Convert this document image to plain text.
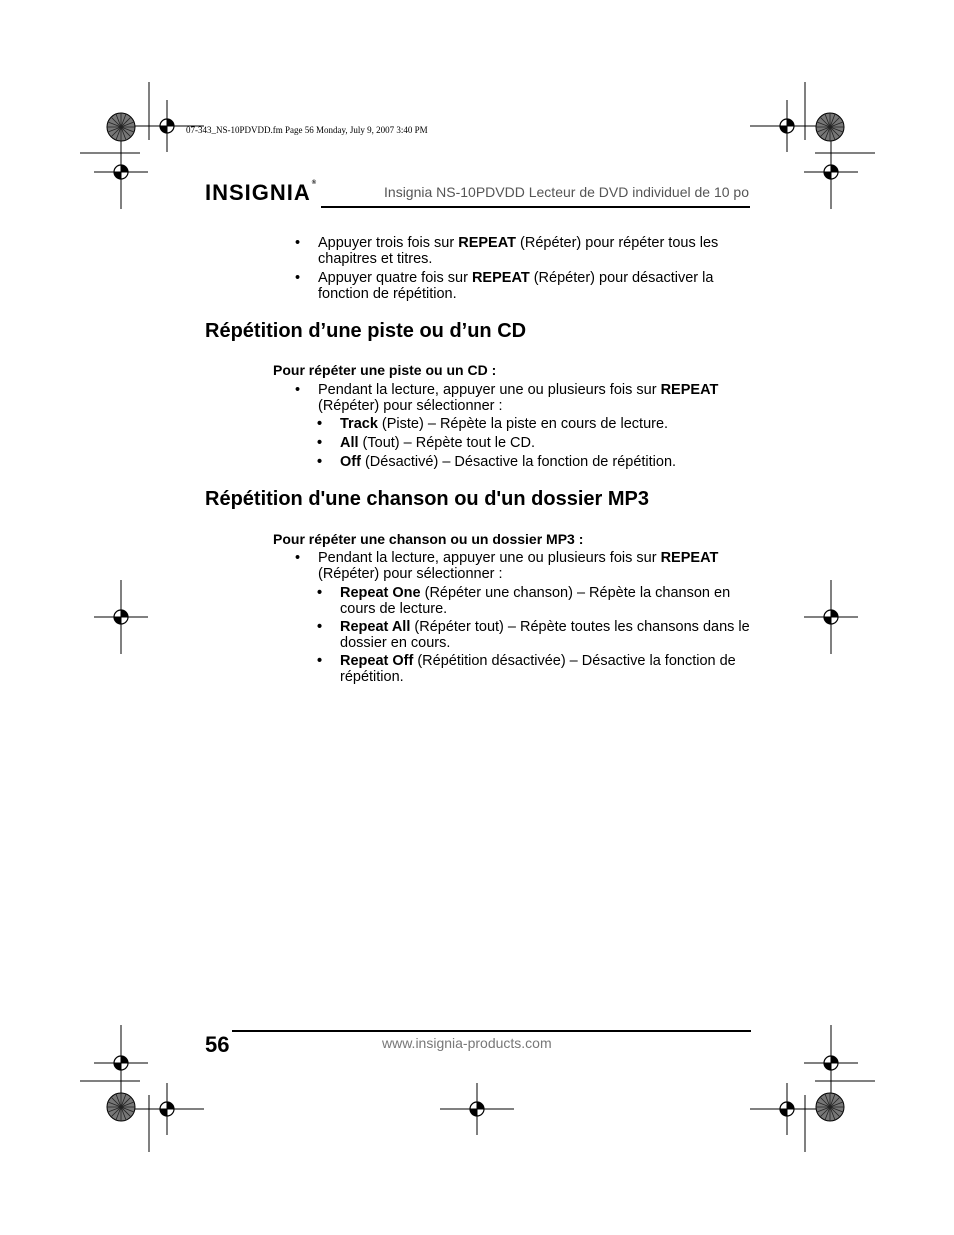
07-343_NS-10PDVDD.fm Page 56 Monday, July 9, 2007 3:40 PM
INSIGNIA®
Insignia NS-10PDVDD Lecteur de DVD individuel de 10 po
• Appuyer trois fois sur REPEAT (Répéter) pour répéter tous les chapitres et titres.
• Appuyer quatre fois sur REPEAT (Répéter) pour désactiver la fonction de répétition.
Répétition d’une piste ou d’un CD
Pour répéter une piste ou un CD :
• Pendant la lecture, appuyer une ou plusieurs fois sur REPEAT (Répéter) pour sélectionner :
• Track (Piste) – Répète la piste en cours de lecture.
• All (Tout) – Répète tout le CD.
• Off (Désactivé) – Désactive la fonction de répétition.
Répétition d'une chanson ou d'un dossier MP3
Pour répéter une chanson ou un dossier MP3 :
• Pendant la lecture, appuyer une ou plusieurs fois sur REPEAT (Répéter) pour sélectionner :
• Repeat One (Répéter une chanson) – Répète la chanson en cours de lecture.
• Repeat All (Répéter tout) – Répète toutes les chansons dans le dossier en cours.
• Repeat Off (Répétition désactivée) – Désactive la fonction de répétition.
56	www.insignia-products.com
